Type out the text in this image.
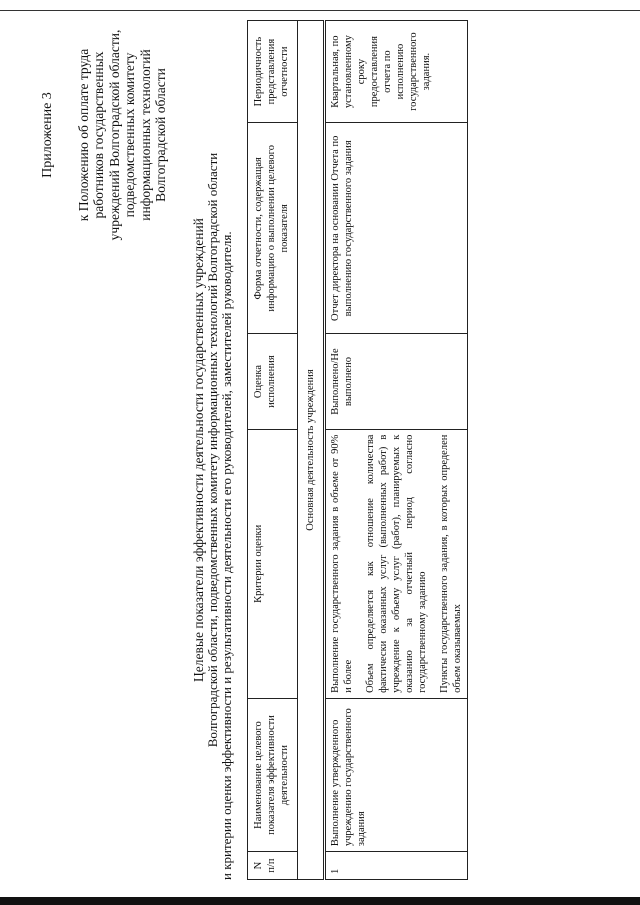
Приложение 3 к Положению об оплате труда работников государственных учреждений Волгоградской области, подведомственных комитету информационных технологий Волгоградской области
Целевые показатели эффективности деятельности государственных учреждений Волгоградской области, подведомственных комитету информационных технологий Волгоградской области и критерии оценки эффективности и результативности деятельности его руководителей, заместителей руководителя. N п/п	Наименование целевого показателя эффективности деятельности	Критерии оценки	Оценка исполнения	Форма отчетности, содержащая информацию о выполнении целевого показателя	Периодичность представления отчетности
Основная деятельность учреждения					
1	Выполнение утвержденного учреждению государственного задания	Выполнение государственного задания в объеме от 90% и более Объем определяется как отношение количества фактически оказанных услуг (выполненных работ) в учреждение к объему услуг (работ), планируемых к оказанию за отчетный период согласно государственному заданию Пункты государственного задания, в которых определен объем оказываемых	Выполнено/Не выполнено	Отчет директора на основании Отчета по выполнению государственного задания	Квартальная, по установленному сроку предоставления отчета по исполнению государственного задания.
